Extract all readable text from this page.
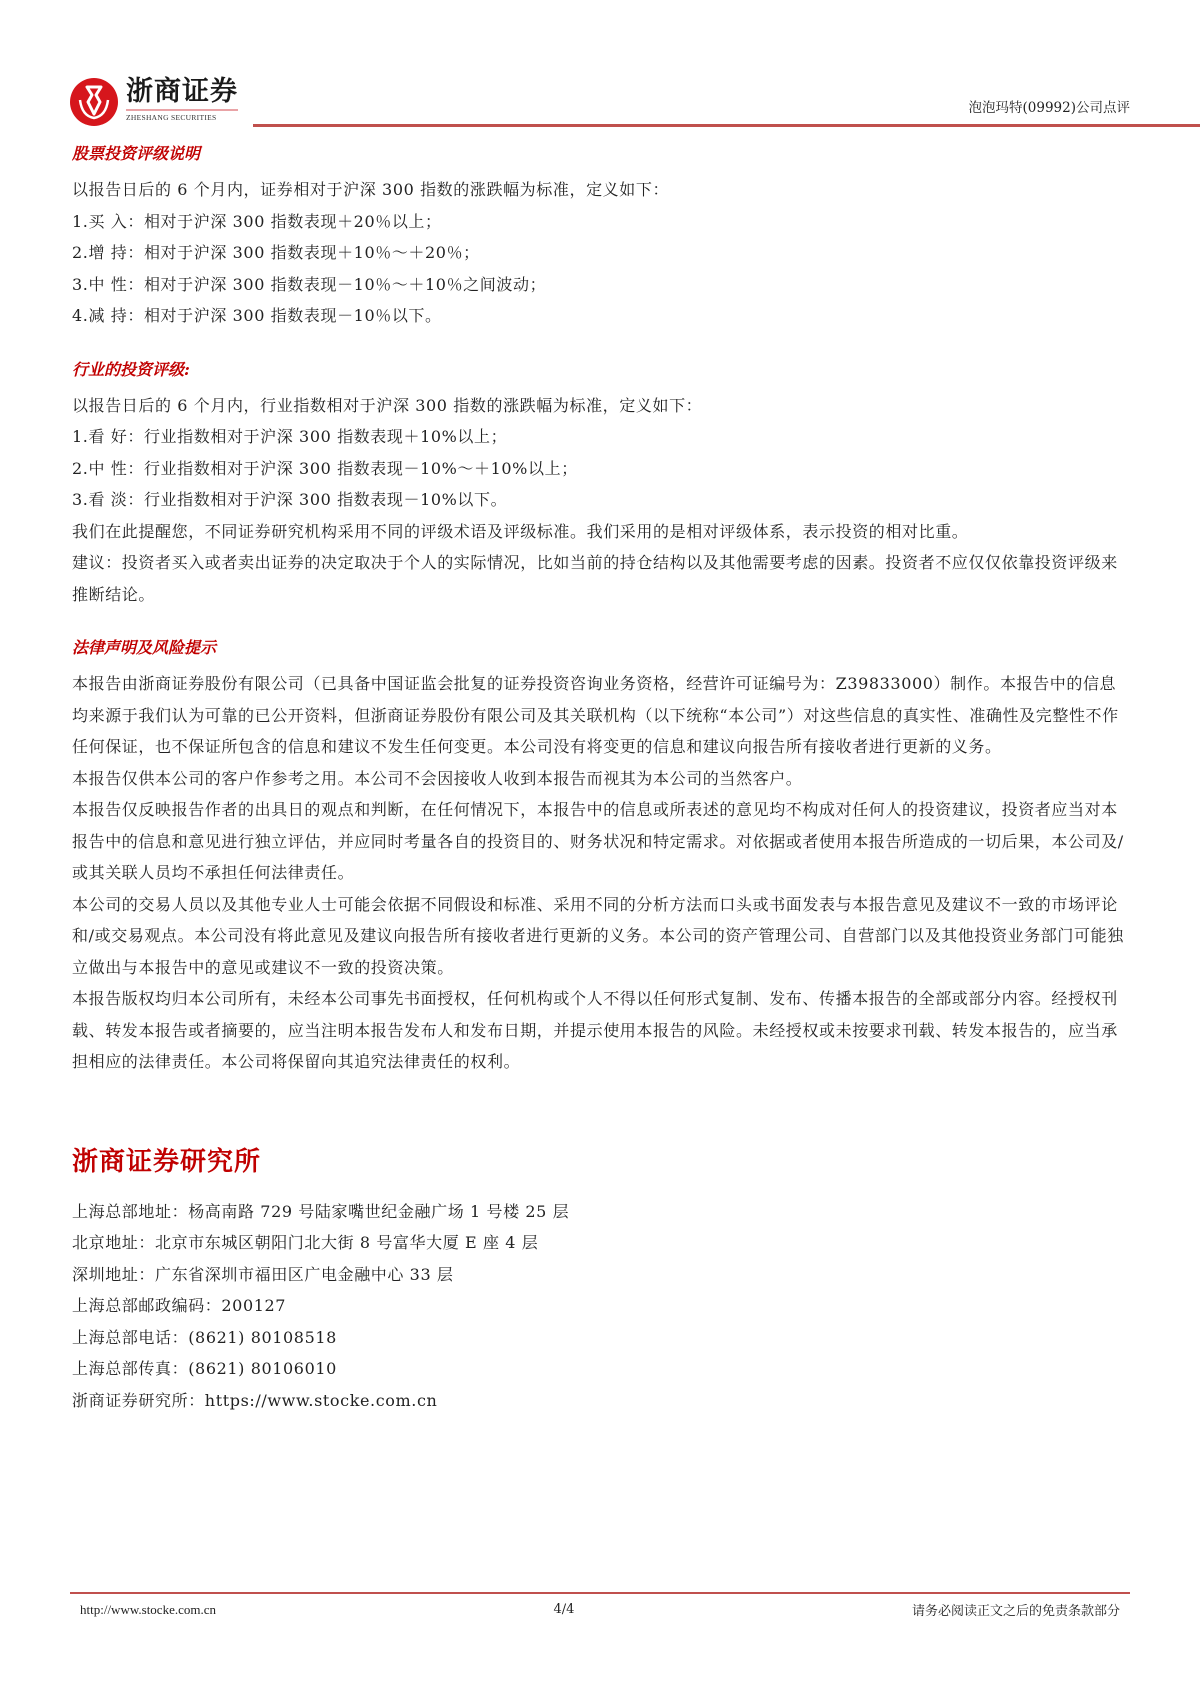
浙商证券
ZHESHANG SECURITIES
泡泡玛特(09992)公司点评
股票投资评级说明
以报告日后的 6 个月内，证券相对于沪深 300 指数的涨跌幅为标准，定义如下：
1.买 入：相对于沪深 300 指数表现＋20％以上；
2.增 持：相对于沪深 300 指数表现＋10％～＋20％；
3.中 性：相对于沪深 300 指数表现－10％～＋10％之间波动；
4.减 持：相对于沪深 300 指数表现－10％以下。
行业的投资评级:
以报告日后的 6 个月内，行业指数相对于沪深 300 指数的涨跌幅为标准，定义如下：
1.看 好：行业指数相对于沪深 300 指数表现＋10%以上；
2.中 性：行业指数相对于沪深 300 指数表现－10%～＋10%以上；
3.看 淡：行业指数相对于沪深 300 指数表现－10%以下。
我们在此提醒您，不同证券研究机构采用不同的评级术语及评级标准。我们采用的是相对评级体系，表示投资的相对比重。
建议：投资者买入或者卖出证券的决定取决于个人的实际情况，比如当前的持仓结构以及其他需要考虑的因素。投资者不应仅仅依靠投资评级来推断结论。
法律声明及风险提示
本报告由浙商证券股份有限公司（已具备中国证监会批复的证券投资咨询业务资格，经营许可证编号为：Z39833000）制作。本报告中的信息均来源于我们认为可靠的已公开资料，但浙商证券股份有限公司及其关联机构（以下统称“本公司”）对这些信息的真实性、准确性及完整性不作任何保证，也不保证所包含的信息和建议不发生任何变更。本公司没有将变更的信息和建议向报告所有接收者进行更新的义务。
本报告仅供本公司的客户作参考之用。本公司不会因接收人收到本报告而视其为本公司的当然客户。
本报告仅反映报告作者的出具日的观点和判断，在任何情况下，本报告中的信息或所表述的意见均不构成对任何人的投资建议，投资者应当对本报告中的信息和意见进行独立评估，并应同时考量各自的投资目的、财务状况和特定需求。对依据或者使用本报告所造成的一切后果，本公司及/或其关联人员均不承担任何法律责任。
本公司的交易人员以及其他专业人士可能会依据不同假设和标准、采用不同的分析方法而口头或书面发表与本报告意见及建议不一致的市场评论和/或交易观点。本公司没有将此意见及建议向报告所有接收者进行更新的义务。本公司的资产管理公司、自营部门以及其他投资业务部门可能独立做出与本报告中的意见或建议不一致的投资决策。
本报告版权均归本公司所有，未经本公司事先书面授权，任何机构或个人不得以任何形式复制、发布、传播本报告的全部或部分内容。经授权刊载、转发本报告或者摘要的，应当注明本报告发布人和发布日期，并提示使用本报告的风险。未经授权或未按要求刊载、转发本报告的，应当承担相应的法律责任。本公司将保留向其追究法律责任的权利。
浙商证券研究所
上海总部地址：杨高南路 729 号陆家嘴世纪金融广场 1 号楼 25 层
北京地址：北京市东城区朝阳门北大街 8 号富华大厦 E 座 4 层
深圳地址：广东省深圳市福田区广电金融中心 33 层
上海总部邮政编码：200127
上海总部电话：(8621) 80108518
上海总部传真：(8621) 80106010
浙商证券研究所：https://www.stocke.com.cn
http://www.stocke.com.cn	4/4	请务必阅读正文之后的免责条款部分
